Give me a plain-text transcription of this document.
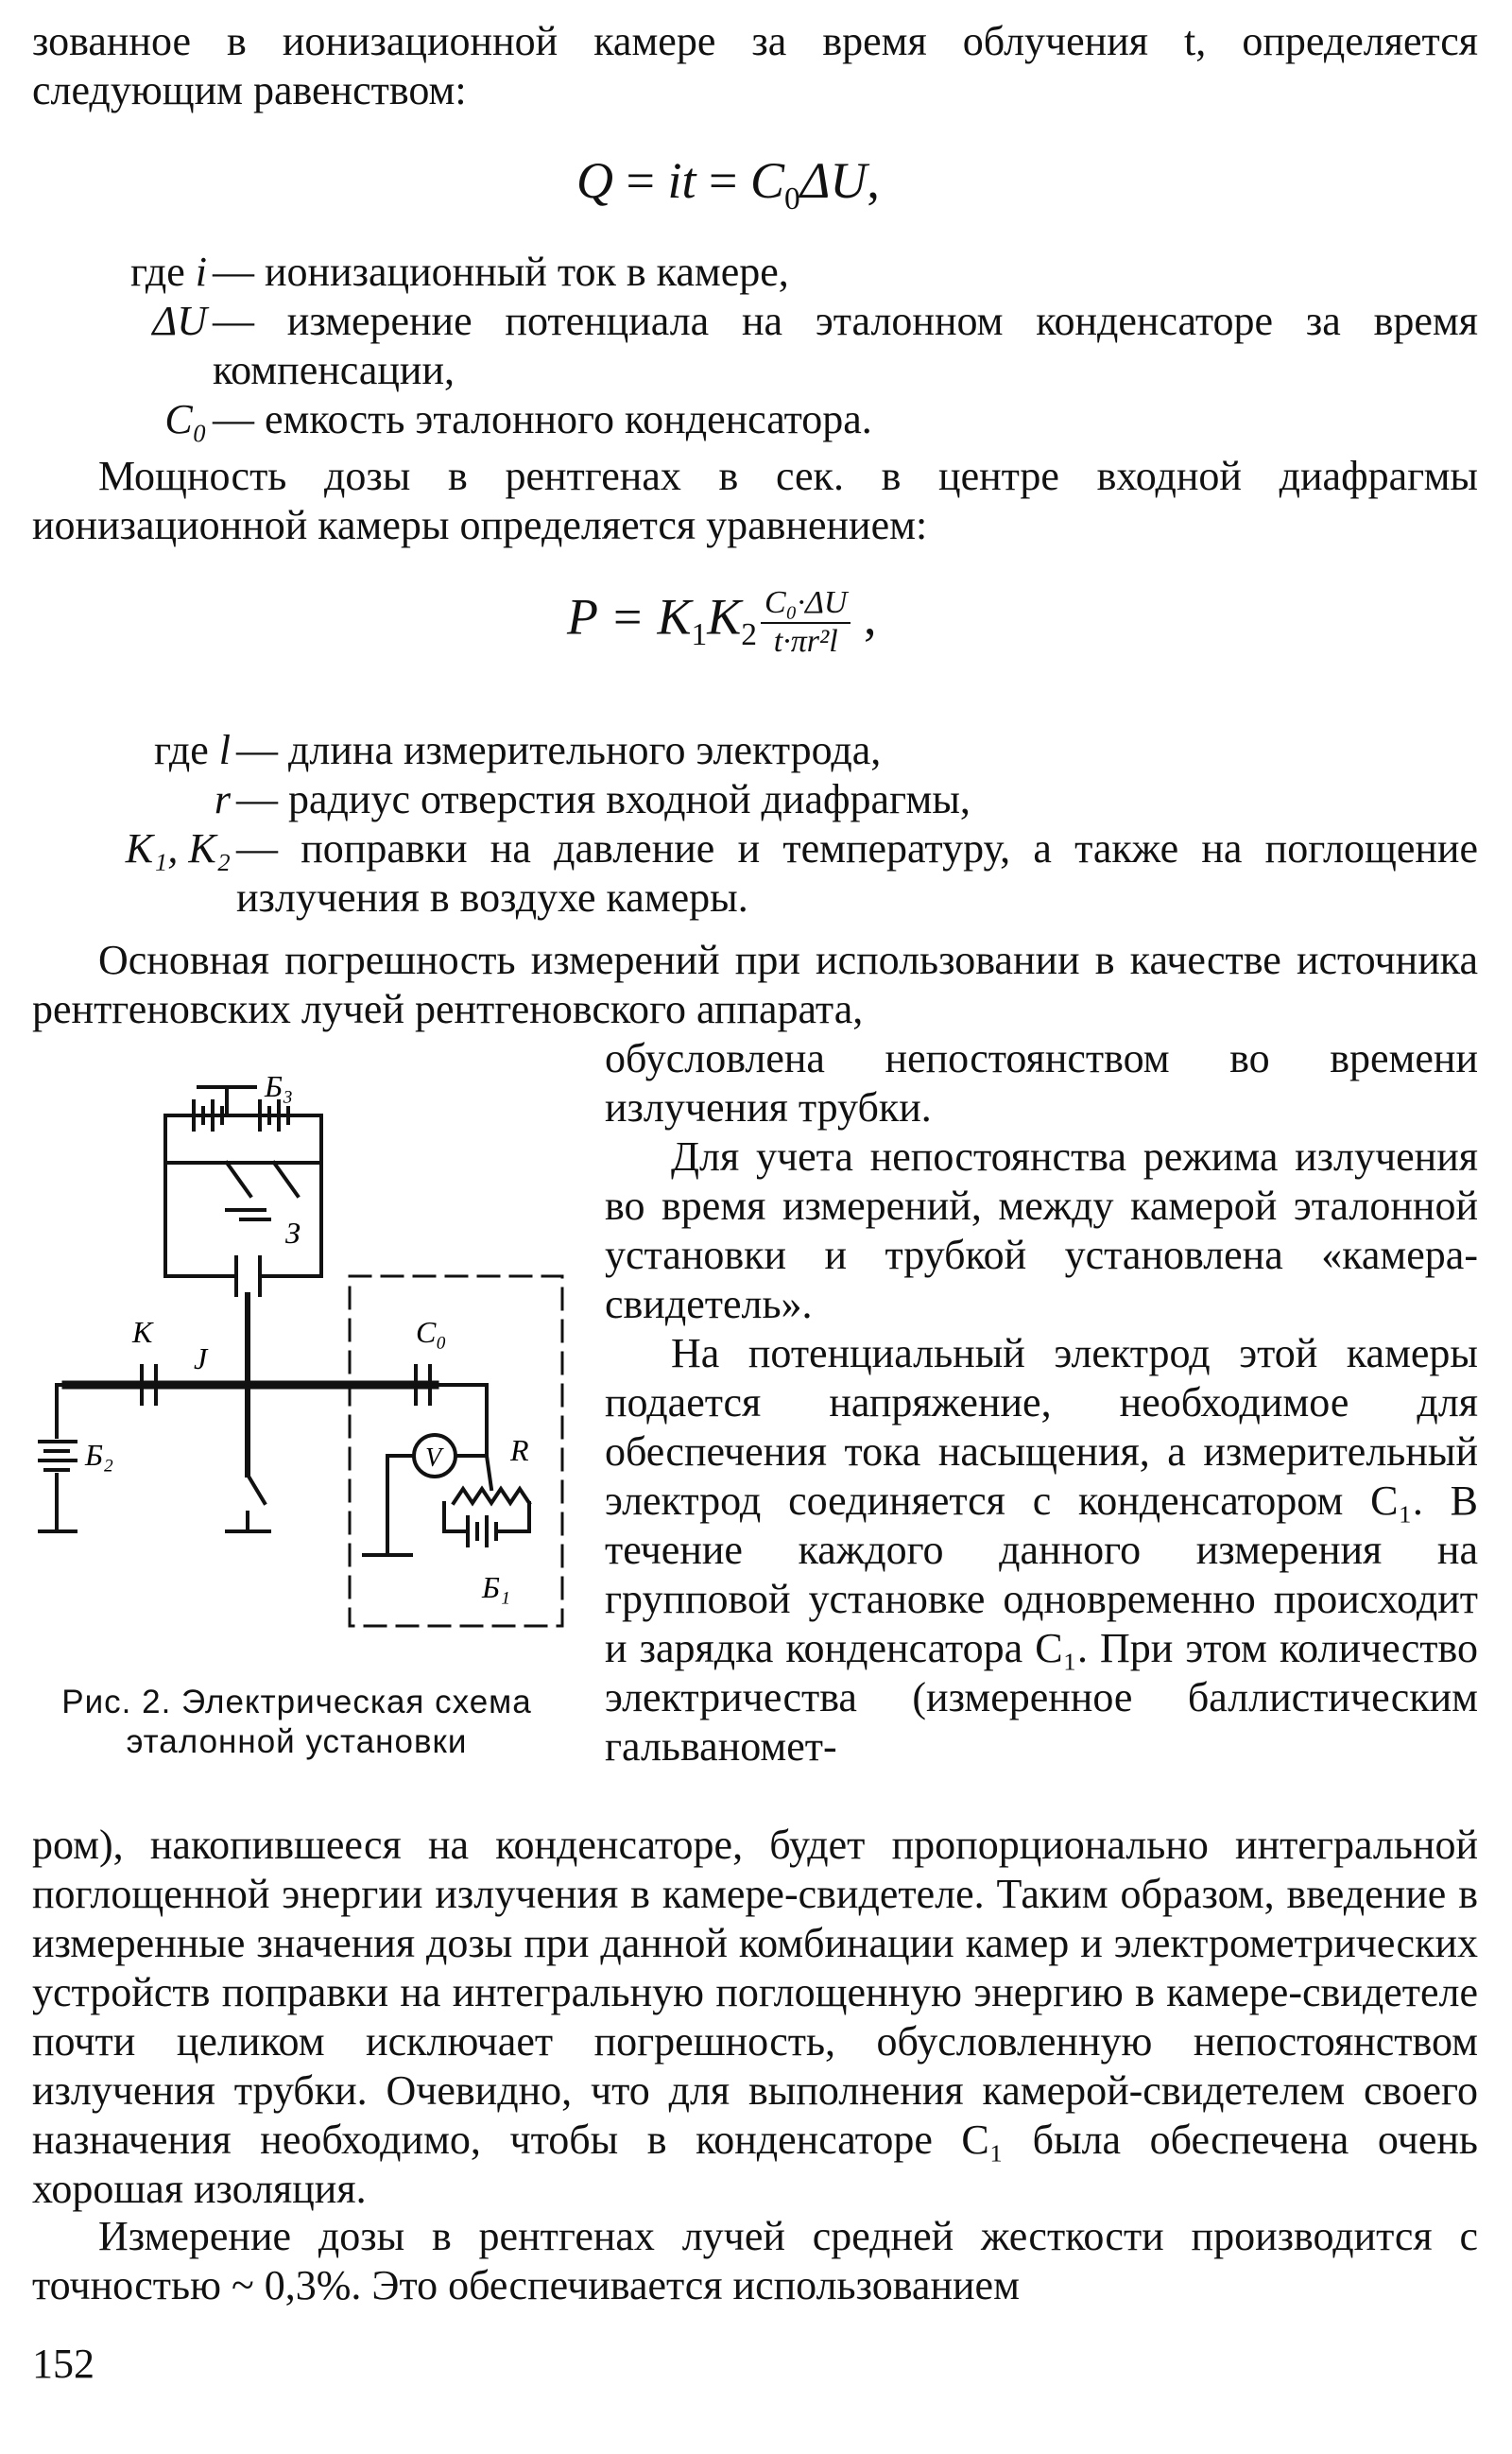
зованное в ионизационной камере за время облучения t, определяется следующим равенством:

Q = it = $C_0\Delta U$,
где i — ионизационный ток в камере,
ΔU — измерение потенциала на эталонном конденсаторе за время компенсации,
C₀ — емкость эталонного конденсатора.

Мощность дозы в рентгенах в сек. в центре входной диафрагмы ионизационной камеры определяется уравнением:

$P = K_1K_2 \frac{\text{C₀·ΔU}}{\text{t·πr²l}}$ ,
где l — длина измерительного электрода,
r — радиус отверстия входной диафрагмы,
K₁, K₂ — поправки на давление и температуру, а также на поглощение излучения в воздухе камеры.

Основная погрешность измерений при использовании в качестве источника рентгеновских лучей рентгеновского аппарата,

обусловлена непостоянством во времени излучения трубки.

Для учета непостоянства режима излучения во время измерений, между камерой эталонной установки и трубкой установлена «камера-свидетель».

На потенциальный электрод этой камеры подается напряжение, необходимое для обеспечения тока насыщения, а измерительный электрод соединяется с конденсатором C₁. В течение каждого данного измерения на групповой установке одновременно происходит и зарядка конденсатора C₁. При этом количество электричества (измеренное баллистическим гальваномет-

ром), накопившееся на конденсаторе, будет пропорционально интегральной поглощенной энергии излучения в камере-свидетеле. Таким образом, введение в измеренные значения дозы при данной комбинации камер и электрометрических устройств поправки на интегральную поглощенную энергию в камере-свидетеле почти целиком исключает погрешность, обусловленную непостоянством излучения трубки. Очевидно, что для выполнения камерой-свидетелем своего назначения необходимо, чтобы в конденсаторе C₁ была обеспечена очень хорошая изоляция.

Измерение дозы в рентгенах лучей средней жесткости производится с точностью ~ 0,3%. Это обеспечивается использованием

Б₃
З
C₀
К
J
V R
Б₂
Б₁
Рис. 2. Электрическая схема эталонной установки
152
